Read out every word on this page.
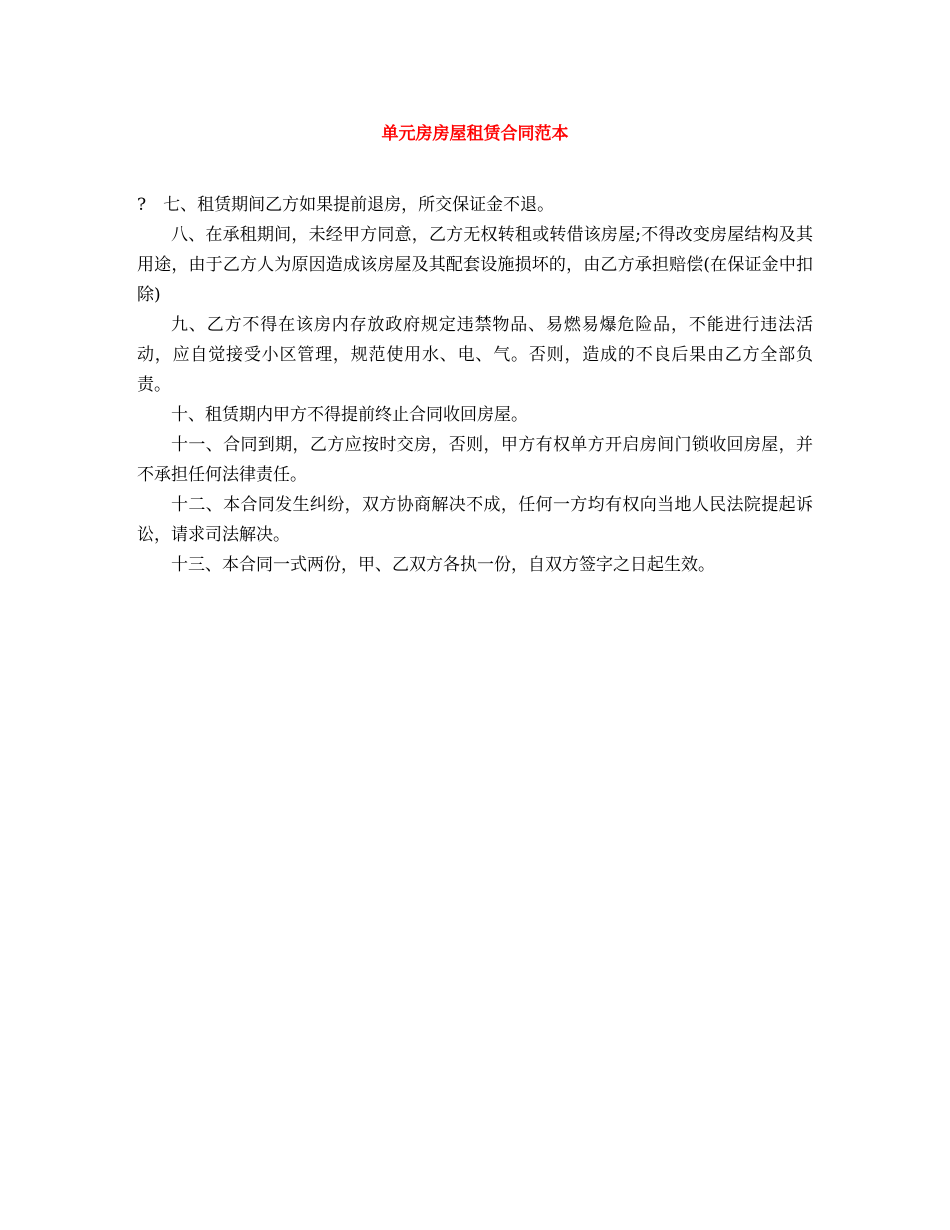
单元房房屋租赁合同范本

?　七、租赁期间乙方如果提前退房，所交保证金不退。

八、在承租期间，未经甲方同意，乙方无权转租或转借该房屋;不得改变房屋结构及其用途，由于乙方人为原因造成该房屋及其配套设施损坏的，由乙方承担赔偿(在保证金中扣除)

九、乙方不得在该房内存放政府规定违禁物品、易燃易爆危险品，不能进行违法活动，应自觉接受小区管理，规范使用水、电、气。否则，造成的不良后果由乙方全部负责。

十、租赁期内甲方不得提前终止合同收回房屋。

十一、合同到期，乙方应按时交房，否则，甲方有权单方开启房间门锁收回房屋，并不承担任何法律责任。

十二、本合同发生纠纷，双方协商解决不成，任何一方均有权向当地人民法院提起诉讼，请求司法解决。

十三、本合同一式两份，甲、乙双方各执一份，自双方签字之日起生效。
